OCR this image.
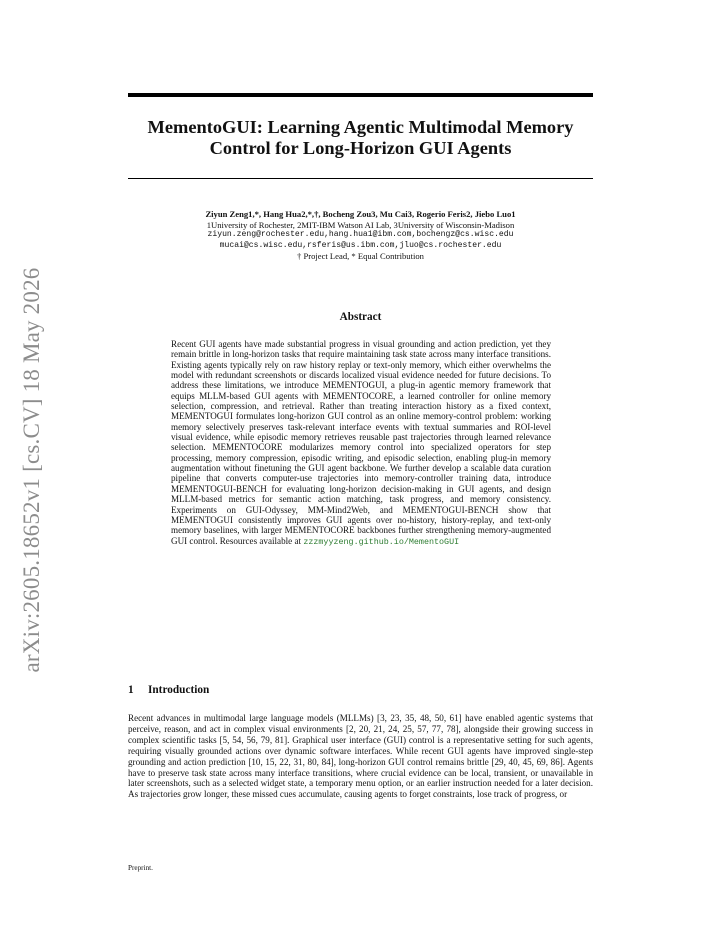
arXiv:2605.18652v1 [cs.CV] 18 May 2026
MementoGUI: Learning Agentic Multimodal Memory Control for Long-Horizon GUI Agents
Ziyun Zeng1,*, Hang Hua2,*,†, Bocheng Zou3, Mu Cai3, Rogerio Feris2, Jiebo Luo1
1University of Rochester, 2MIT-IBM Watson AI Lab, 3University of Wisconsin-Madison
ziyun.zeng@rochester.edu,hang.hua1@ibm.com,bochengz@cs.wisc.edu
mucai@cs.wisc.edu,rsferis@us.ibm.com,jluo@cs.rochester.edu
† Project Lead, * Equal Contribution
Abstract
Recent GUI agents have made substantial progress in visual grounding and action prediction, yet they remain brittle in long-horizon tasks that require maintaining task state across many interface transitions. Existing agents typically rely on raw history replay or text-only memory, which either overwhelms the model with redundant screenshots or discards localized visual evidence needed for future decisions. To address these limitations, we introduce MEMENTOGUI, a plug-in agentic memory framework that equips MLLM-based GUI agents with MEMENTOCORE, a learned controller for online memory selection, compression, and retrieval. Rather than treating interaction history as a fixed context, MEMENTOGUI formulates long-horizon GUI control as an online memory-control problem: working memory selectively preserves task-relevant interface events with textual summaries and ROI-level visual evidence, while episodic memory retrieves reusable past trajectories through learned relevance selection. MEMENTOCORE modularizes memory control into specialized operators for step processing, memory compression, episodic writing, and episodic selection, enabling plug-in memory augmentation without finetuning the GUI agent backbone. We further develop a scalable data curation pipeline that converts computer-use trajectories into memory-controller training data, introduce MEMENTOGUI-BENCH for evaluating long-horizon decision-making in GUI agents, and design MLLM-based metrics for semantic action matching, task progress, and memory consistency. Experiments on GUI-Odyssey, MM-Mind2Web, and MEMENTOGUI-BENCH show that MEMENTOGUI consistently improves GUI agents over no-history, history-replay, and text-only memory baselines, with larger MEMENTOCORE backbones further strengthening memory-augmented GUI control. Resources available at zzzmyyzeng.github.io/MementoGUI
1 Introduction
Recent advances in multimodal large language models (MLLMs) [3, 23, 35, 48, 50, 61] have enabled agentic systems that perceive, reason, and act in complex visual environments [2, 20, 21, 24, 25, 57, 77, 78], alongside their growing success in complex scientific tasks [5, 54, 56, 79, 81]. Graphical user interface (GUI) control is a representative setting for such agents, requiring visually grounded actions over dynamic software interfaces. While recent GUI agents have improved single-step grounding and action prediction [10, 15, 22, 31, 80, 84], long-horizon GUI control remains brittle [29, 40, 45, 69, 86]. Agents have to preserve task state across many interface transitions, where crucial evidence can be local, transient, or unavailable in later screenshots, such as a selected widget state, a temporary menu option, or an earlier instruction needed for a later decision. As trajectories grow longer, these missed cues accumulate, causing agents to forget constraints, lose track of progress, or
Preprint.
